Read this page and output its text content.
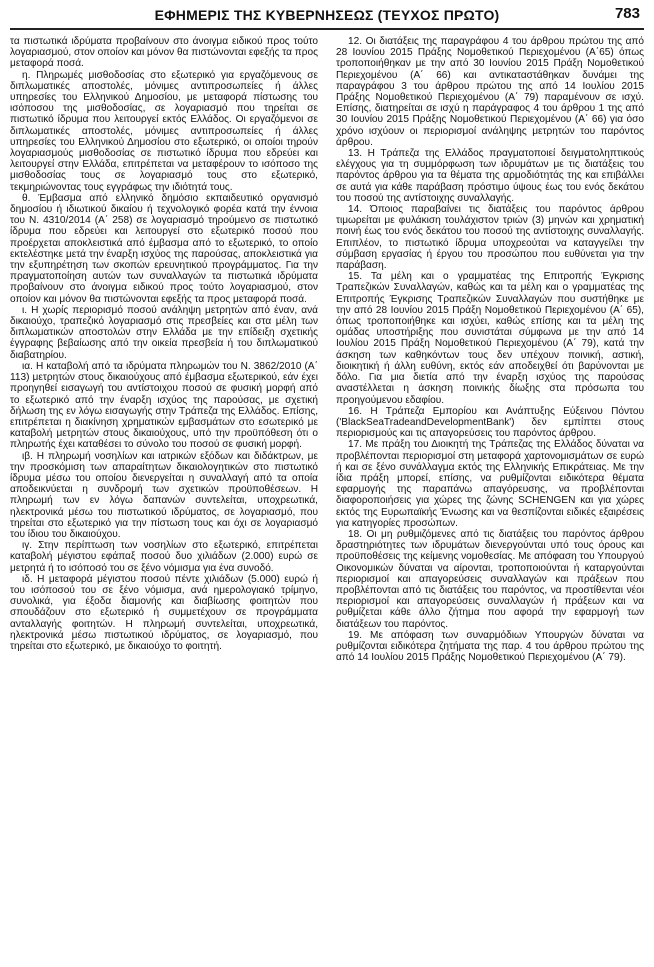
ΕΦΗΜΕΡΙΣ ΤΗΣ ΚΥΒΕΡΝΗΣΕΩΣ (ΤΕΥΧΟΣ ΠΡΩΤΟ)	783

τα πιστωτικά ιδρύματα προβαίνουν στο άνοιγμα ειδικού προς τούτο λογαριασμού, στον οποίον και μόνον θα πιστώνονται εφεξής τα προς μεταφορά ποσά.

η. Πληρωμές μισθοδοσίας στο εξωτερικό για εργαζόμενους σε διπλωματικές αποστολές, μόνιμες αντιπροσωπείες ή άλλες υπηρεσίες του Ελληνικού Δημοσίου, με μεταφορά πίστωσης του ισόποσου της μισθοδοσίας, σε λογαριασμό που τηρείται σε πιστωτικό ίδρυμα που λειτουργεί εκτός Ελλάδος. Οι εργαζόμενοι σε διπλωματικές αποστολές, μόνιμες αντιπροσωπείες ή άλλες υπηρεσίες του Ελληνικού Δημοσίου στο εξωτερικό, οι οποίοι τηρούν λογαριασμούς μισθοδοσίας σε πιστωτικό ίδρυμα που εδρεύει και λειτουργεί στην Ελλάδα, επιτρέπεται να μεταφέρουν το ισόποσο της μισθοδοσίας τους σε λογαριασμό τους στο εξωτερικό, τεκμηριώνοντας τους εγγράφως την ιδιότητά τους.

θ. Έμβασμα από ελληνικό δημόσιο εκπαιδευτικό οργανισμό δημοσίου ή ιδιωτικού δικαίου ή τεχνολογικό φορέα κατά την έννοια του Ν. 4310/2014 (Α΄ 258) σε λογαριασμό τηρούμενο σε πιστωτικό ίδρυμα που εδρεύει και λειτουργεί στο εξωτερικό ποσού που προέρχεται αποκλειστικά από έμβασμα από το εξωτερικό, το οποίο εκτελέστηκε μετά την έναρξη ισχύος της παρούσας, αποκλειστικά για την εξυπηρέτηση των σκοπών ερευνητικού προγράμματος. Για την πραγματοποίηση αυτών των συναλλαγών τα πιστωτικά ιδρύματα προβαίνουν στο άνοιγμα ειδικού προς τούτο λογαριασμού, στον οποίον και μόνον θα πιστώνονται εφεξής τα προς μεταφορά ποσά.

ι. Η χωρίς περιορισμό ποσού ανάληψη μετρητών από έναν, ανά δικαιούχο, τραπεζικό λογαριασμό στις πρεσβείες και στα μέλη των διπλωματικών αποστολών στην Ελλάδα με την επίδειξη σχετικής έγγραφης βεβαίωσης από την οικεία πρεσβεία ή του διπλωματικού διαβατηρίου.

ια. Η καταβολή από τα ιδρύματα πληρωμών του Ν. 3862/2010 (Α΄ 113) μετρητών στους δικαιούχους από έμβασμα εξωτερικού, εάν έχει προηγηθεί εισαγωγή του αντίστοιχου ποσού σε φυσική μορφή από το εξωτερικό από την έναρξη ισχύος της παρούσας, με σχετική δήλωση της εν λόγω εισαγωγής στην Τράπεζα της Ελλάδος. Επίσης, επιτρέπεται η διακίνηση χρηματικών εμβασμάτων στο εσωτερικό με καταβολή μετρητών στους δικαιούχους, υπό την προϋπόθεση ότι ο πληρωτής έχει καταθέσει το σύνολο του ποσού σε φυσική μορφή.

ιβ. Η πληρωμή νοσηλίων και ιατρικών εξόδων και διδάκτρων, με την προσκόμιση των απαραίτητων δικαιολογητικών στο πιστωτικό ίδρυμα μέσω του οποίου διενεργείται η συναλλαγή από τα οποία αποδεικνύεται η συνδρομή των σχετικών προϋποθέσεων. Η πληρωμή των εν λόγω δαπανών συντελείται, υποχρεωτικά, ηλεκτρονικά μέσω του πιστωτικού ιδρύματος, σε λογαριασμό, που τηρείται στο εξωτερικό για την πίστωση τους και όχι σε λογαριασμό του ίδιου του δικαιούχου.

ιγ. Στην περίπτωση των νοσηλίων στο εξωτερικό, επιτρέπεται καταβολή μέγιστου εφάπαξ ποσού δυο χιλιάδων (2.000) ευρώ σε μετρητά ή το ισόποσό του σε ξένο νόμισμα για ένα συνοδό.

ιδ. Η μεταφορά μέγιστου ποσού πέντε χιλιάδων (5.000) ευρώ ή του ισόποσού του σε ξένο νόμισμα, ανά ημερολογιακό τρίμηνο, συνολικά, για έξοδα διαμονής και διαβίωσης φοιτητών που σπουδάζουν στο εξωτερικό ή συμμετέχουν σε προγράμματα ανταλλαγής φοιτητών. Η πληρωμή συντελείται, υποχρεωτικά, ηλεκτρονικά μέσω πιστωτικού ιδρύματος, σε λογαριασμό, που τηρείται στο εξωτερικό, με δικαιούχο το φοιτητή.

12. Οι διατάξεις της παραγράφου 4 του άρθρου πρώτου της από 28 Ιουνίου 2015 Πράξης Νομοθετικού Περιεχομένου (Α΄65) όπως τροποποιήθηκαν με την από 30 Ιουνίου 2015 Πράξη Νομοθετικού Περιεχομένου (Α΄ 66) και αντικαταστάθηκαν δυνάμει της παραγράφου 3 του άρθρου πρώτου της από 14 Ιουλίου 2015 Πράξης Νομοθετικού Περιεχομένου (Α΄ 79) παραμένουν σε ισχύ. Επίσης, διατηρείται σε ισχύ η παράγραφος 4 του άρθρου 1 της από 30 Ιουνίου 2015 Πράξης Νομοθετικού Περιεχομένου (Α΄ 66) για όσο χρόνο ισχύουν οι περιορισμοί ανάληψης μετρητών του παρόντος άρθρου.

13. Η Τράπεζα της Ελλάδος πραγματοποιεί δειγματοληπτικούς ελέγχους για τη συμμόρφωση των ιδρυμάτων με τις διατάξεις του παρόντος άρθρου για τα θέματα της αρμοδιότητάς της και επιβάλλει σε αυτά για κάθε παράβαση πρόστιμο ύψους έως του ενός δεκάτου του ποσού της αντίστοιχης συναλλαγής.

14. Όποιος παραβαίνει τις διατάξεις του παρόντος άρθρου τιμωρείται με φυλάκιση τουλάχιστον τριών (3) μηνών και χρηματική ποινή έως του ενός δεκάτου του ποσού της αντίστοιχης συναλλαγής. Επιπλέον, το πιστωτικό ίδρυμα υποχρεούται να καταγγείλει την σύμβαση εργασίας ή έργου του προσώπου που ευθύνεται για την παράβαση.

15. Τα μέλη και ο γραμματέας της Επιτροπής Έγκρισης Τραπεζικών Συναλλαγών, καθώς και τα μέλη και ο γραμματέας της Επιτροπής Έγκρισης Τραπεζικών Συναλλαγών που συστήθηκε με την από 28 Ιουνίου 2015 Πράξη Νομοθετικού Περιεχομένου (Α΄ 65), όπως τροποποιήθηκε και ισχύει, καθώς επίσης και τα μέλη της ομάδας υποστήριξης που συνιστάται σύμφωνα με την από 14 Ιουλίου 2015 Πράξη Νομοθετικού Περιεχομένου (Α΄ 79), κατά την άσκηση των καθηκόντων τους δεν υπέχουν ποινική, αστική, διοικητική ή άλλη ευθύνη, εκτός εάν αποδειχθεί ότι βαρύνονται με δόλο. Για μια διετία από την έναρξη ισχύος της παρούσας αναστέλλεται η άσκηση ποινικής δίωξης στα πρόσωπα του προηγούμενου εδαφίου.

16. Η Τράπεζα Εμπορίου και Ανάπτυξης Εύξεινου Πόντου ('BlackSeaTradeandDevelopmentBank') δεν εμπίπτει στους περιορισμούς και τις απαγορεύσεις του παρόντος άρθρου.

17. Με πράξη του Διοικητή της Τράπεζας της Ελλάδος δύναται να προβλέπονται περιορισμοί στη μεταφορά χαρτονομισμάτων σε ευρώ ή και σε ξένο συνάλλαγμα εκτός της Ελληνικής Επικράτειας. Με την ίδια πράξη μπορεί, επίσης, να ρυθμίζονται ειδικότερα θέματα εφαρμογής της παραπάνω απαγόρευσης, να προβλέπονται διαφοροποιήσεις για χώρες της ζώνης SCHENGEN και για χώρες εκτός της Ευρωπαϊκής Ένωσης και να θεσπίζονται ειδικές εξαιρέσεις για κατηγορίες προσώπων.

18. Οι μη ρυθμιζόμενες από τις διατάξεις του παρόντος άρθρου δραστηριότητες των ιδρυμάτων διενεργούνται υπό τους όρους και προϋποθέσεις της κείμενης νομοθεσίας. Με απόφαση του Υπουργού Οικονομικών δύναται να αίρονται, τροποποιούνται ή καταργούνται περιορισμοί και απαγορεύσεις συναλλαγών και πράξεων που προβλέπονται από τις διατάξεις του παρόντος, να προστίθενται νέοι περιορισμοί και απαγορεύσεις συναλλαγών ή πράξεων και να ρυθμίζεται κάθε άλλο ζήτημα που αφορά την εφαρμογή των διατάξεων του παρόντος.

19. Με απόφαση των συναρμόδιων Υπουργών δύναται να ρυθμίζονται ειδικότερα ζητήματα της παρ. 4 του άρθρου πρώτου της από 14 Ιουλίου 2015 Πράξης Νομοθετικού Περιεχομένου (Α΄ 79).
